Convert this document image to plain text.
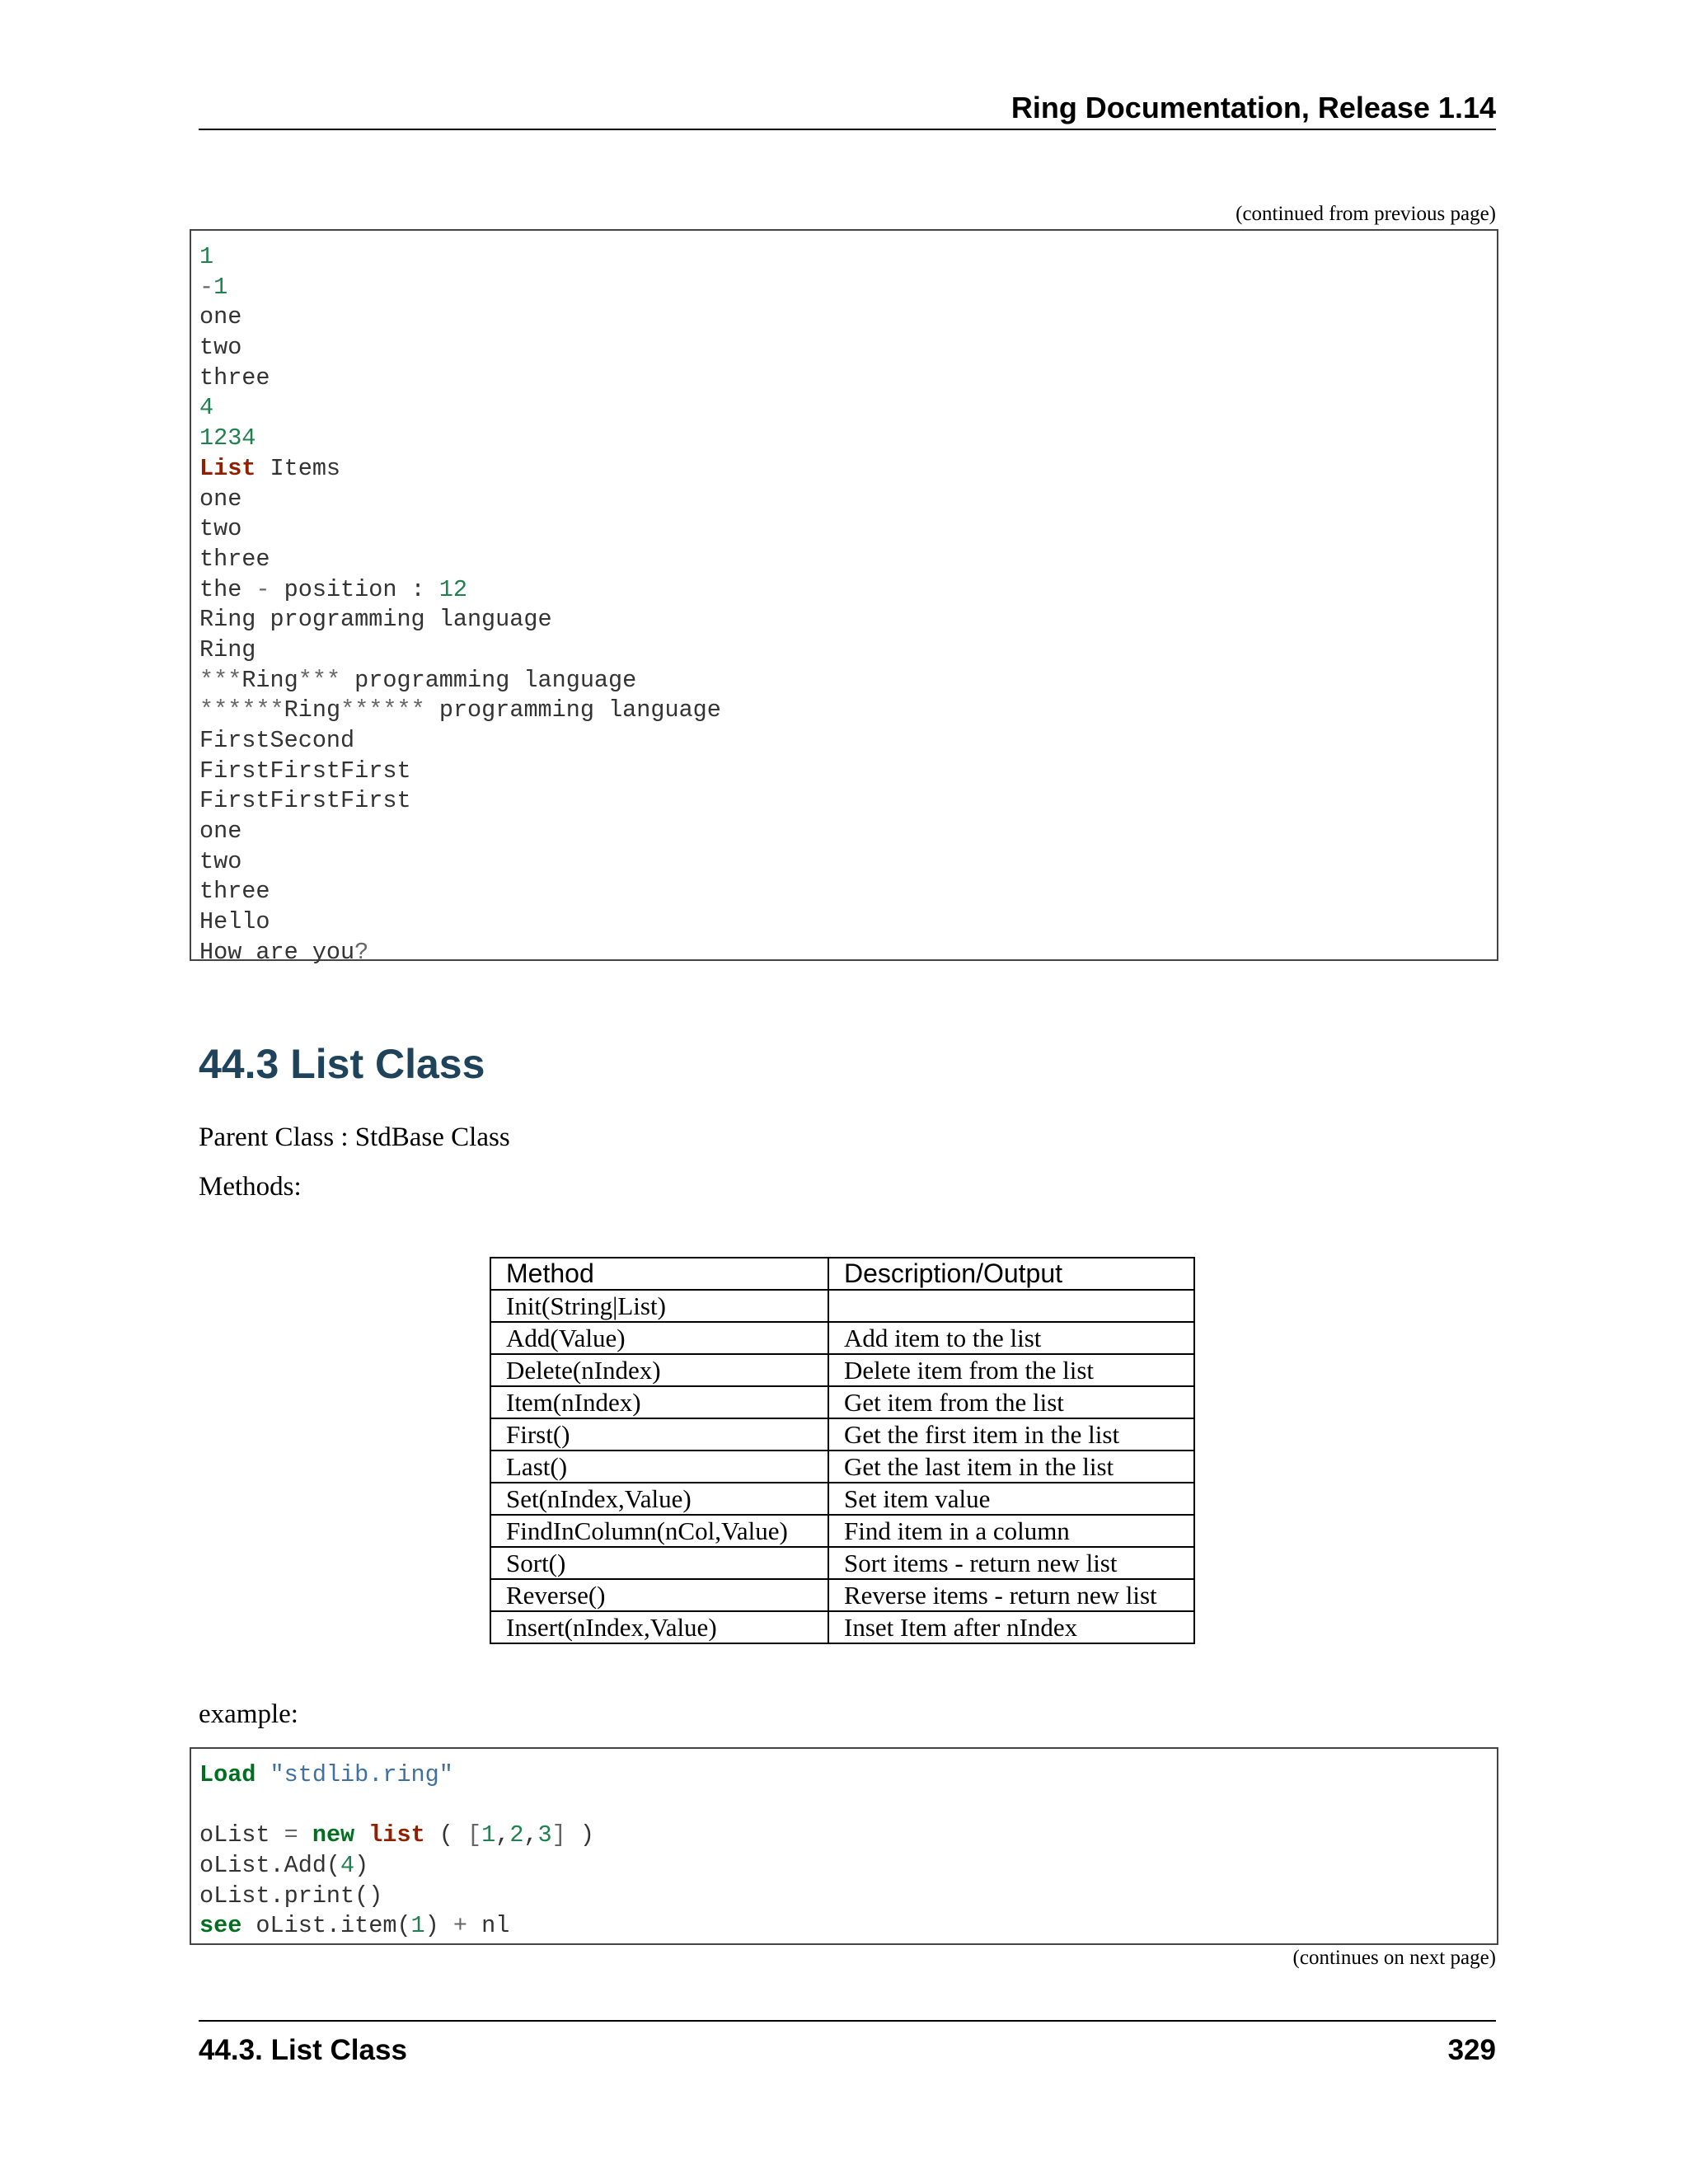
Ring Documentation, Release 1.14
(continued from previous page)
1
-1
one
two
three
4
1234
List Items
one
two
three
the - position : 12
Ring programming language
Ring
***Ring*** programming language
******Ring****** programming language
FirstSecond
FirstFirstFirst
FirstFirstFirst
one
two
three
Hello
How are you?
44.3 List Class
Parent Class : StdBase Class
Methods:
Method	Description/Output
Init(String|List)	
Add(Value)	Add item to the list
Delete(nIndex)	Delete item from the list
Item(nIndex)	Get item from the list
First()	Get the first item in the list
Last()	Get the last item in the list
Set(nIndex,Value)	Set item value
FindInColumn(nCol,Value)	Find item in a column
Sort()	Sort items - return new list
Reverse()	Reverse items - return new list
Insert(nIndex,Value)	Inset Item after nIndex
example:
Load "stdlib.ring"
oList = new list ( [1,2,3] )
oList.Add(4)
oList.print()
see oList.item(1) + nl
(continues on next page)
44.3. List Class	329
